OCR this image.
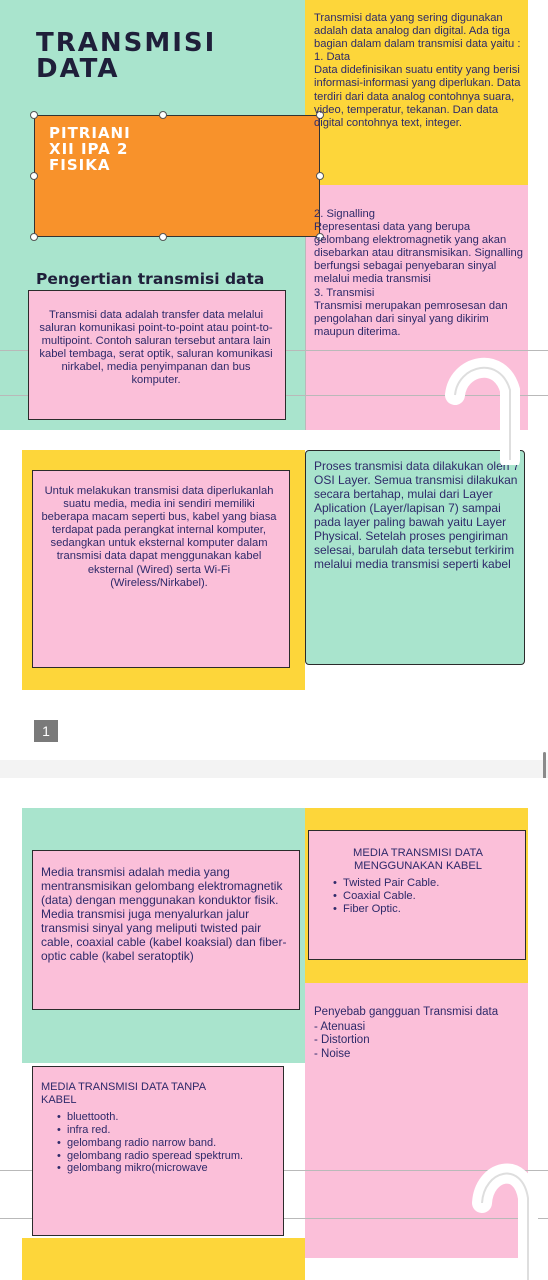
TRANSMISI DATA
PITRIANI
XII IPA 2
FISIKA
Pengertian transmisi data
Transmisi data yang sering digunakan adalah data analog dan digital. Ada tiga bagian dalam dalam transmisi data yaitu :
1. Data
Data didefinisikan suatu entity yang berisi informasi-informasi yang diperlukan. Data terdiri dari data analog contohnya suara, video, temperatur, tekanan. Dan data digital contohnya text, integer.
2. Signalling
Representasi data yang berupa gelombang elektromagnetik yang akan disebarkan atau ditransmisikan. Signalling berfungsi sebagai penyebaran sinyal melalui media transmisi
3. Transmisi
Transmisi merupakan pemrosesan dan pengolahan dari sinyal yang dikirim maupun diterima.
Transmisi data adalah transfer data melalui saluran komunikasi point-to-point atau point-to-multipoint. Contoh saluran tersebut antara lain kabel tembaga, serat optik, saluran komunikasi nirkabel, media penyimpanan dan bus komputer.
Untuk melakukan transmisi data diperlukanlah suatu media, media ini sendiri memiliki beberapa macam seperti bus, kabel yang biasa terdapat pada perangkat internal komputer, sedangkan untuk eksternal komputer dalam transmisi data dapat menggunakan kabel eksternal (Wired) serta Wi-Fi (Wireless/Nirkabel).
Proses transmisi data dilakukan oleh 7 OSI Layer. Semua transmisi dilakukan secara bertahap, mulai dari Layer Aplication (Layer/lapisan 7) sampai pada layer paling bawah yaitu Layer Physical. Setelah proses pengiriman selesai, barulah data tersebut terkirim melalui media transmisi seperti kabel
1
Media transmisi adalah media yang mentransmisikan gelombang elektromagnetik (data) dengan menggunakan konduktor fisik. Media transmisi juga menyalurkan jalur transmisi sinyal yang meliputi twisted pair cable, coaxial cable (kabel koaksial) dan fiber-optic cable (kabel seratoptik)
MEDIA TRANSMISI DATA MENGGUNAKAN KABEL
• Twisted Pair Cable.
• Coaxial Cable.
• Fiber Optic.
Penyebab gangguan Transmisi data
- Atenuasi
- Distortion
- Noise
MEDIA TRANSMISI DATA TANPA KABEL
• bluettooth.
• infra red.
• gelombang radio narrow band.
• gelombang radio speread spektrum.
• gelombang mikro(microwave
